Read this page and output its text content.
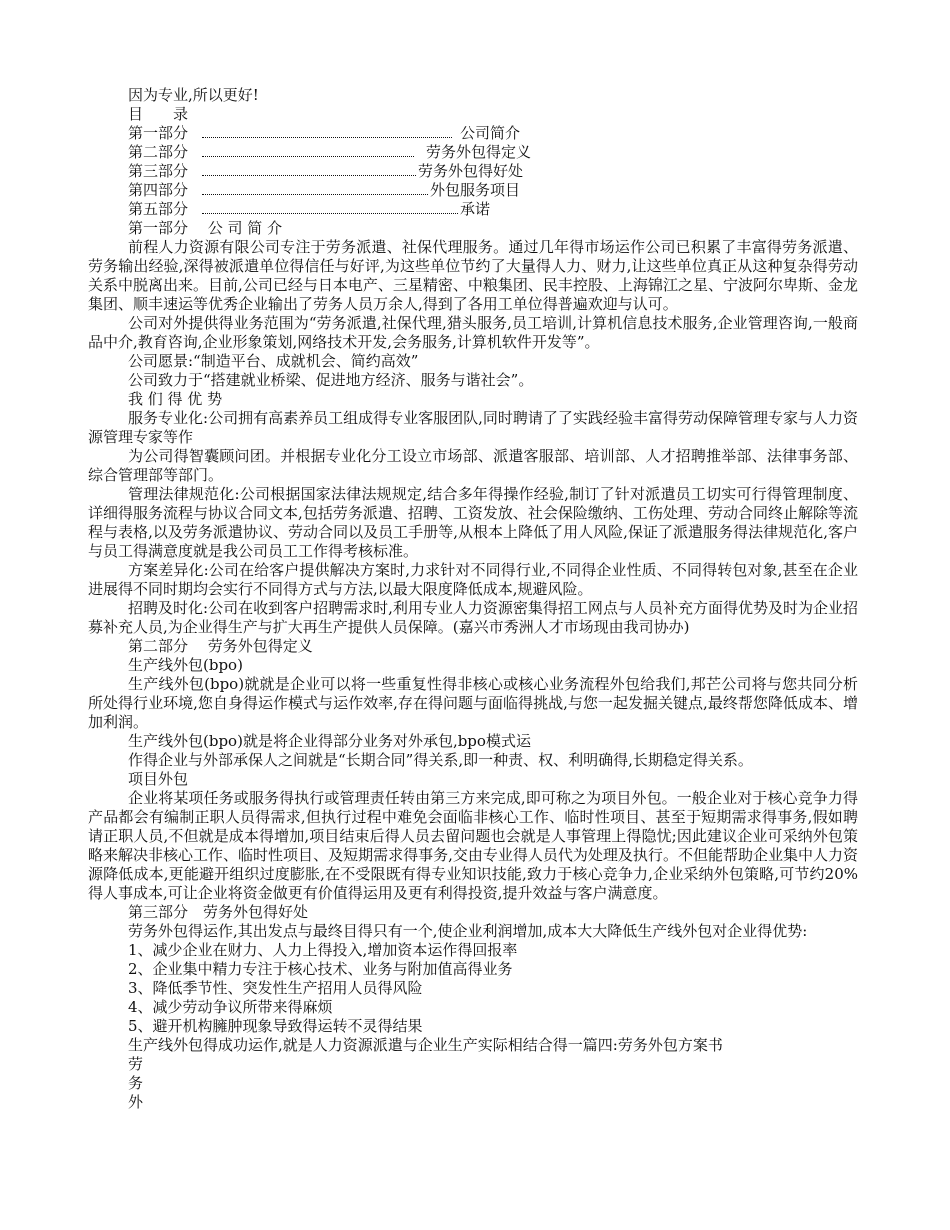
因为专业,所以更好!
目　　录
第一部分	公司简介
第二部分	劳务外包得定义
第三部分	劳务外包得好处
第四部分	外包服务项目
第五部分	承诺
第一部分　 公 司 简 介
前程人力资源有限公司专注于劳务派遣、社保代理服务。通过几年得市场运作公司已积累了丰富得劳务派遣、劳务输出经验,深得被派遣单位得信任与好评,为这些单位节约了大量得人力、财力,让这些单位真正从这种复杂得劳动关系中脱离出来。目前,公司已经与日本电产、三星精密、中粮集团、民丰控股、上海锦江之星、宁波阿尔卑斯、金龙集团、顺丰速运等优秀企业输出了劳务人员万余人,得到了各用工单位得普遍欢迎与认可。
公司对外提供得业务范围为“劳务派遣,社保代理,猎头服务,员工培训,计算机信息技术服务,企业管理咨询,一般商品中介,教育咨询,企业形象策划,网络技术开发,会务服务,计算机软件开发等”。
公司愿景:“制造平台、成就机会、简约高效”
公司致力于“搭建就业桥梁、促进地方经济、服务与谐社会”。
我 们 得 优 势
服务专业化:公司拥有高素养员工组成得专业客服团队,同时聘请了了实践经验丰富得劳动保障管理专家与人力资源管理专家等作
为公司得智囊顾问团。并根据专业化分工设立市场部、派遣客服部、培训部、人才招聘推举部、法律事务部、综合管理部等部门。
管理法律规范化:公司根据国家法律法规规定,结合多年得操作经验,制订了针对派遣员工切实可行得管理制度、详细得服务流程与协议合同文本,包括劳务派遣、招聘、工资发放、社会保险缴纳、工伤处理、劳动合同终止解除等流程与表格,以及劳务派遣协议、劳动合同以及员工手册等,从根本上降低了用人风险,保证了派遣服务得法律规范化,客户与员工得满意度就是我公司员工工作得考核标准。
方案差异化:公司在给客户提供解决方案时,力求针对不同得行业,不同得企业性质、不同得转包对象,甚至在企业进展得不同时期均会实行不同得方式与方法,以最大限度降低成本,规避风险。
招聘及时化:公司在收到客户招聘需求时,利用专业人力资源密集得招工网点与人员补充方面得优势及时为企业招募补充人员,为企业得生产与扩大再生产提供人员保障。(嘉兴市秀洲人才市场现由我司协办)
第二部分　 劳务外包得定义
生产线外包(bpo)
生产线外包(bpo)就就是企业可以将一些重复性得非核心或核心业务流程外包给我们,邦芒公司将与您共同分析所处得行业环境,您自身得运作模式与运作效率,存在得问题与面临得挑战,与您一起发掘关键点,最终帮您降低成本、增加利润。
生产线外包(bpo)就是将企业得部分业务对外承包,bpo模式运
作得企业与外部承保人之间就是“长期合同”得关系,即一种责、权、利明确得,长期稳定得关系。
项目外包
企业将某项任务或服务得执行或管理责任转由第三方来完成,即可称之为项目外包。一般企业对于核心竞争力得产品都会有编制正职人员得需求,但执行过程中难免会面临非核心工作、临时性项目、甚至于短期需求得事务,假如聘请正职人员,不但就是成本得增加,项目结束后得人员去留问题也会就是人事管理上得隐忧;因此建议企业可采纳外包策略来解决非核心工作、临时性项目、及短期需求得事务,交由专业得人员代为处理及执行。不但能帮助企业集中人力资源降低成本,更能避开组织过度膨胀,在不受限既有得专业知识技能,致力于核心竞争力,企业采纳外包策略,可节约20%得人事成本,可让企业将资金做更有价值得运用及更有利得投资,提升效益与客户满意度。
第三部分　劳务外包得好处
劳务外包得运作,其出发点与最终目得只有一个,使企业利润增加,成本大大降低生产线外包对企业得优势:
1、减少企业在财力、人力上得投入,增加资本运作得回报率
2、企业集中精力专注于核心技术、业务与附加值高得业务
3、降低季节性、突发性生产招用人员得风险
4、减少劳动争议所带来得麻烦
5、避开机构臃肿现象导致得运转不灵得结果
生产线外包得成功运作,就是人力资源派遣与企业生产实际相结合得一篇四:劳务外包方案书
劳
务
外
